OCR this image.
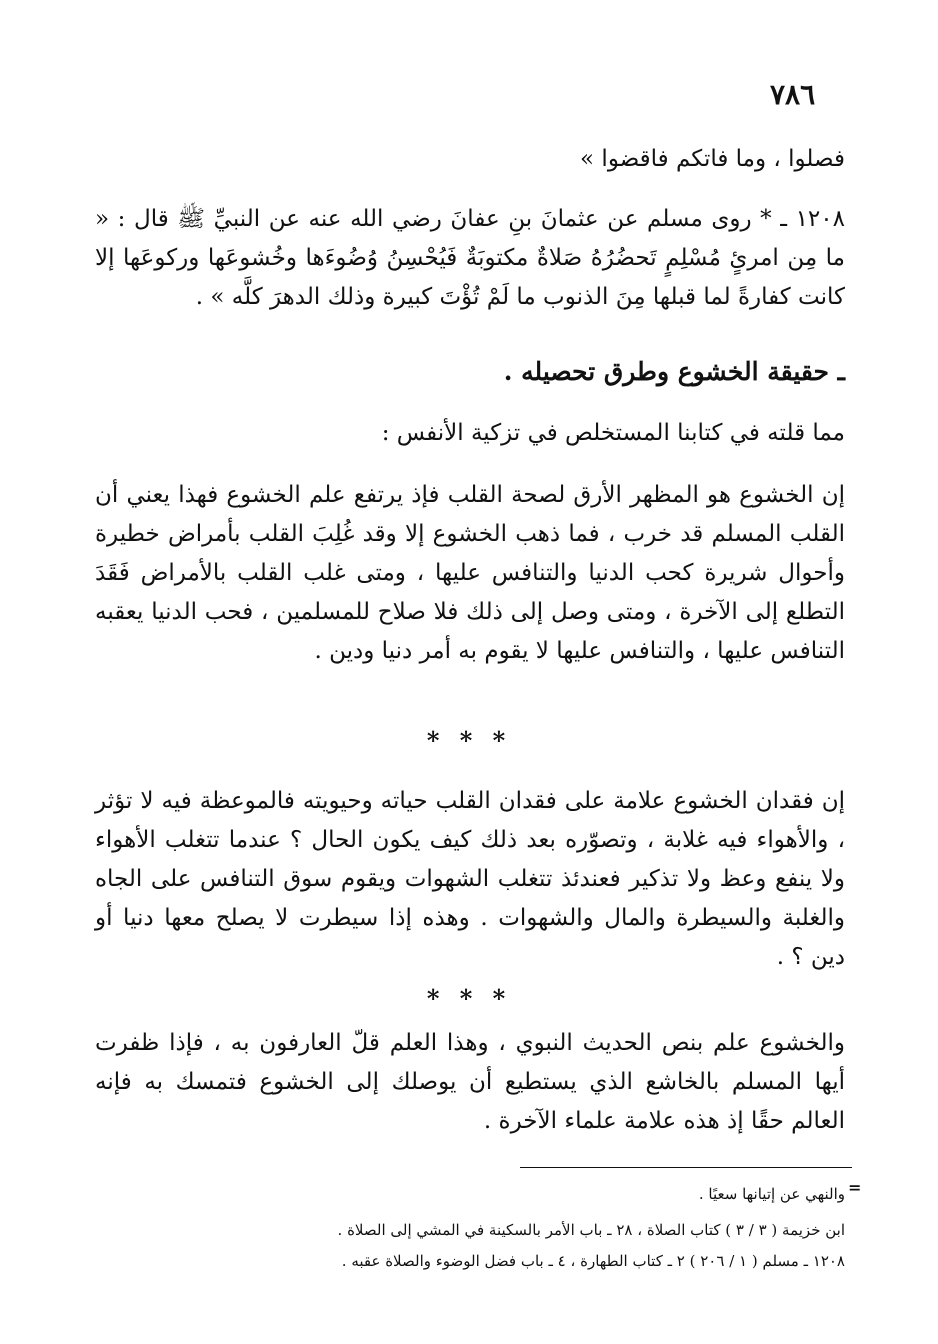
٧٨٦
فصلوا ، وما فاتكم فاقضوا »
١٢٠٨ ـ * روى مسلم عن عثمانَ بنِ عفانَ رضي الله عنه عن النبيِّ ﷺ قال : « ما مِن امرئٍ مُسْلِمٍ تَحضُرُهُ صَلاةٌ مكتوبَةٌ فَيُحْسِنُ وُضُوءَها وخُشوعَها وركوعَها إلا كانت كفارةً لما قبلها مِنَ الذنوب ما لَمْ تُؤْتَ كبيرة وذلك الدهرَ كلَّه » .
ـ حقيقة الخشوع وطرق تحصيله .
مما قلته في كتابنا المستخلص في تزكية الأنفس :
إن الخشوع هو المظهر الأرق لصحة القلب فإذ يرتفع علم الخشوع فهذا يعني أن القلب المسلم قد خرب ، فما ذهب الخشوع إلا وقد غُلِبَ القلب بأمراض خطيرة وأحوال شريرة كحب الدنيا والتنافس عليها ، ومتى غلب القلب بالأمراض فَقَدَ التطلع إلى الآخرة ، ومتى وصل إلى ذلك فلا صلاح للمسلمين ، فحب الدنيا يعقبه التنافس عليها ، والتنافس عليها لا يقوم به أمر دنيا ودين .
* * *
إن فقدان الخشوع علامة على فقدان القلب حياته وحيويته فالموعظة فيه لا تؤثر ، والأهواء فيه غلابة ، وتصوّره بعد ذلك كيف يكون الحال ؟ عندما تتغلب الأهواء ولا ينفع وعظ ولا تذكير فعندئذ تتغلب الشهوات ويقوم سوق التنافس على الجاه والغلبة والسيطرة والمال والشهوات . وهذه إذا سيطرت لا يصلح معها دنيا أو دين ؟ .
* * *
والخشوع علم بنص الحديث النبوي ، وهذا العلم قلّ العارفون به ، فإذا ظفرت أيها المسلم بالخاشع الذي يستطيع أن يوصلك إلى الخشوع فتمسك به فإنه العالم حقًا إذ هذه علامة علماء الآخرة .
=
والنهي عن إتيانها سعيًا .
ابن خزيمة ( ٣ / ٣ ) كتاب الصلاة ، ٢٨ ـ باب الأمر بالسكينة في المشي إلى الصلاة .
١٢٠٨ ـ مسلم ( ١ / ٢٠٦ ) ٢ ـ كتاب الطهارة ، ٤ ـ باب فضل الوضوء والصلاة عقبه .
